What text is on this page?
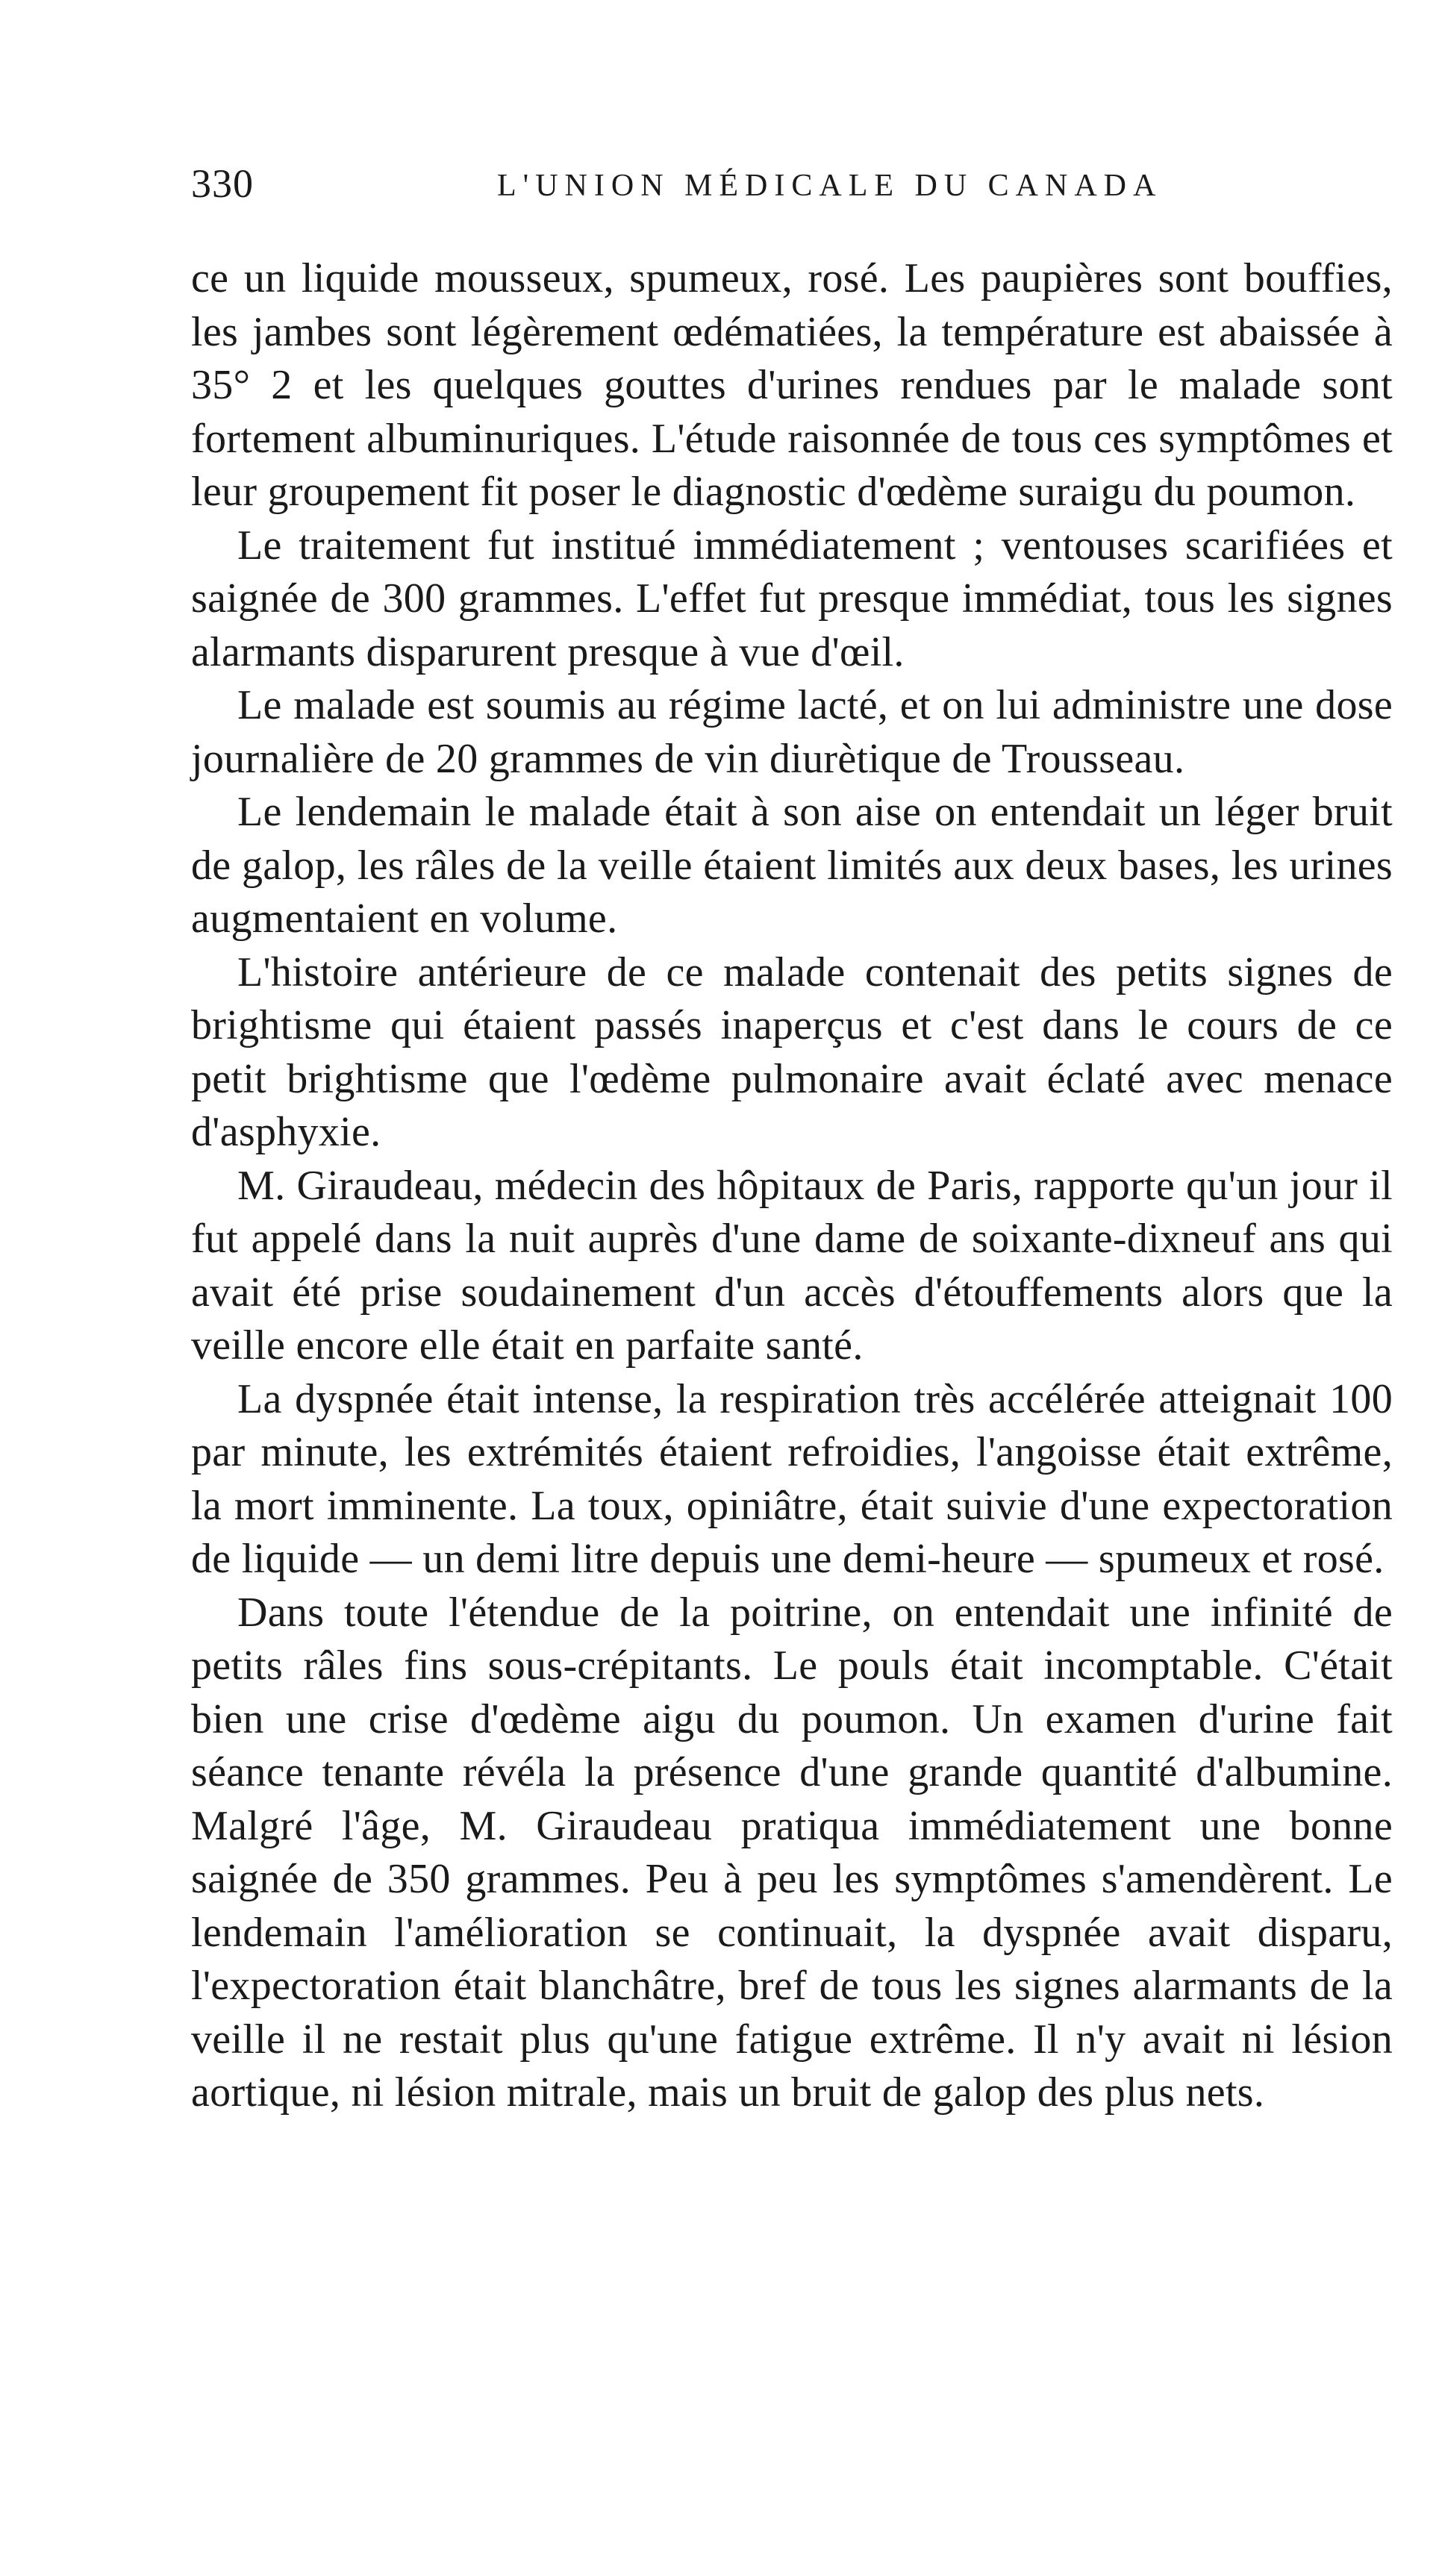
330	L'UNION MÉDICALE DU CANADA

ce un liquide mousseux, spumeux, rosé. Les paupières sont bouffies, les jambes sont légèrement œdématiées, la température est abaissée à 35° 2 et les quelques gouttes d'urines rendues par le malade sont fortement albuminuriques. L'étude raisonnée de tous ces symptômes et leur groupement fit poser le diagnostic d'œdème suraigu du poumon.

Le traitement fut institué immédiatement ; ventouses scarifiées et saignée de 300 grammes. L'effet fut presque immédiat, tous les signes alarmants disparurent presque à vue d'œil.

Le malade est soumis au régime lacté, et on lui administre une dose journalière de 20 grammes de vin diurètique de Trousseau.

Le lendemain le malade était à son aise on entendait un léger bruit de galop, les râles de la veille étaient limités aux deux bases, les urines augmentaient en volume.

L'histoire antérieure de ce malade contenait des petits signes de brightisme qui étaient passés inaperçus et c'est dans le cours de ce petit brightisme que l'œdème pulmonaire avait éclaté avec menace d'asphyxie.

M. Giraudeau, médecin des hôpitaux de Paris, rapporte qu'un jour il fut appelé dans la nuit auprès d'une dame de soixante-dixneuf ans qui avait été prise soudainement d'un accès d'étouffements alors que la veille encore elle était en parfaite santé.

La dyspnée était intense, la respiration très accélérée atteignait 100 par minute, les extrémités étaient refroidies, l'angoisse était extrême, la mort imminente. La toux, opiniâtre, était suivie d'une expectoration de liquide — un demi litre depuis une demi-heure — spumeux et rosé.

Dans toute l'étendue de la poitrine, on entendait une infinité de petits râles fins sous-crépitants. Le pouls était incomptable. C'était bien une crise d'œdème aigu du poumon. Un examen d'urine fait séance tenante révéla la présence d'une grande quantité d'albumine. Malgré l'âge, M. Giraudeau pratiqua immédiatement une bonne saignée de 350 grammes. Peu à peu les symptômes s'amendèrent. Le lendemain l'amélioration se continuait, la dyspnée avait disparu, l'expectoration était blanchâtre, bref de tous les signes alarmants de la veille il ne restait plus qu'une fatigue extrême. Il n'y avait ni lésion aortique, ni lésion mitrale, mais un bruit de galop des plus nets.
